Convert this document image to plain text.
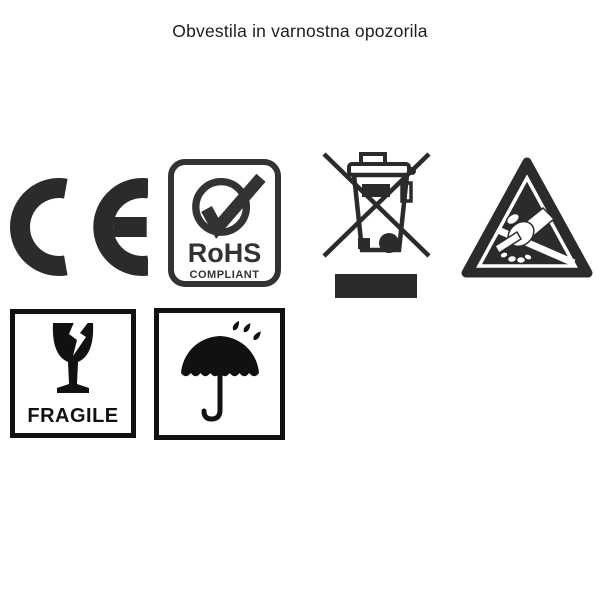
Obvestila in varnostna opozorila
RoHS
COMPLIANT
FRAGILE
